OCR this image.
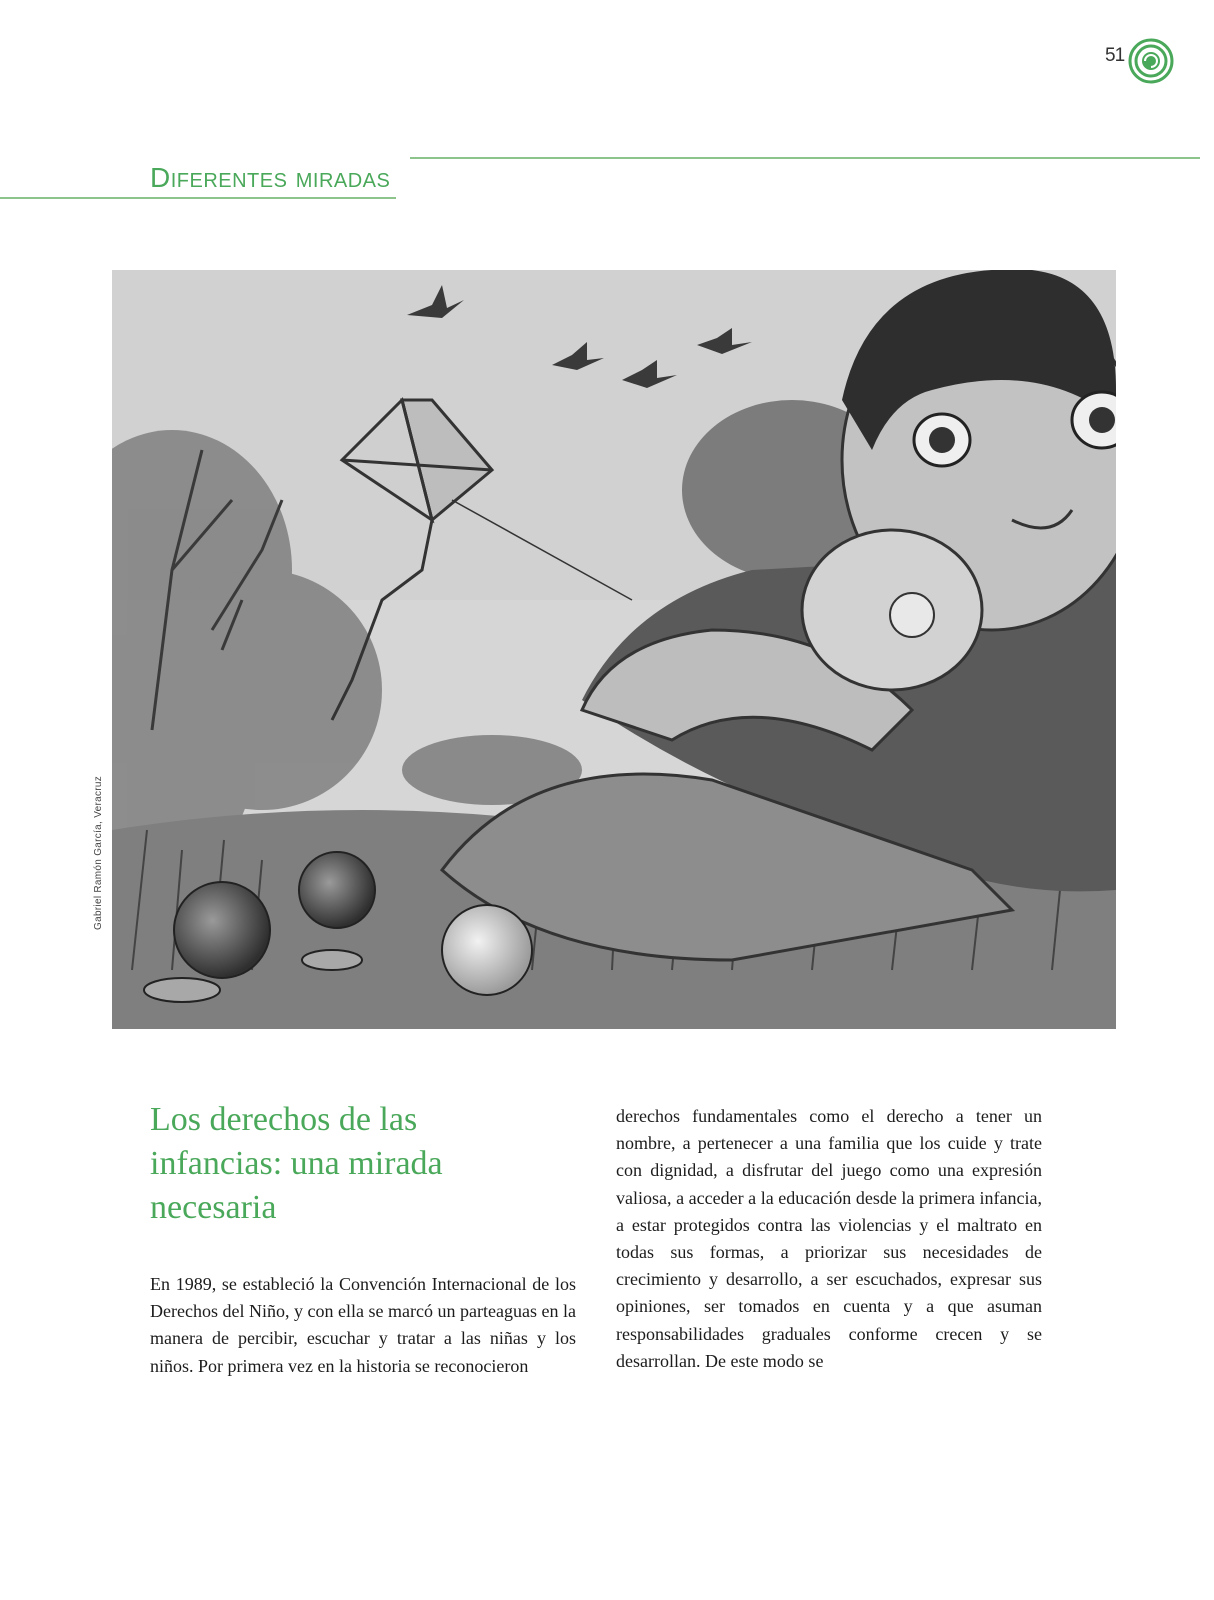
51
Diferentes miradas
Gabriel Ramón García, Veracruz
Los derechos de las infancias: una mirada necesaria

En 1989, se estableció la Convención Internacional de los Derechos del Niño, y con ella se marcó un parteaguas en la manera de percibir, escuchar y tratar a las niñas y los niños. Por primera vez en la historia se reconocieron

derechos fundamentales como el derecho a tener un nombre, a pertenecer a una familia que los cuide y trate con dignidad, a disfrutar del juego como una expresión valiosa, a acceder a la educación desde la primera infancia, a estar protegidos contra las violencias y el maltrato en todas sus formas, a priorizar sus necesidades de crecimiento y desarrollo, a ser escuchados, expresar sus opiniones, ser tomados en cuenta y a que asuman responsabilidades graduales conforme crecen y se desarrollan. De este modo se
